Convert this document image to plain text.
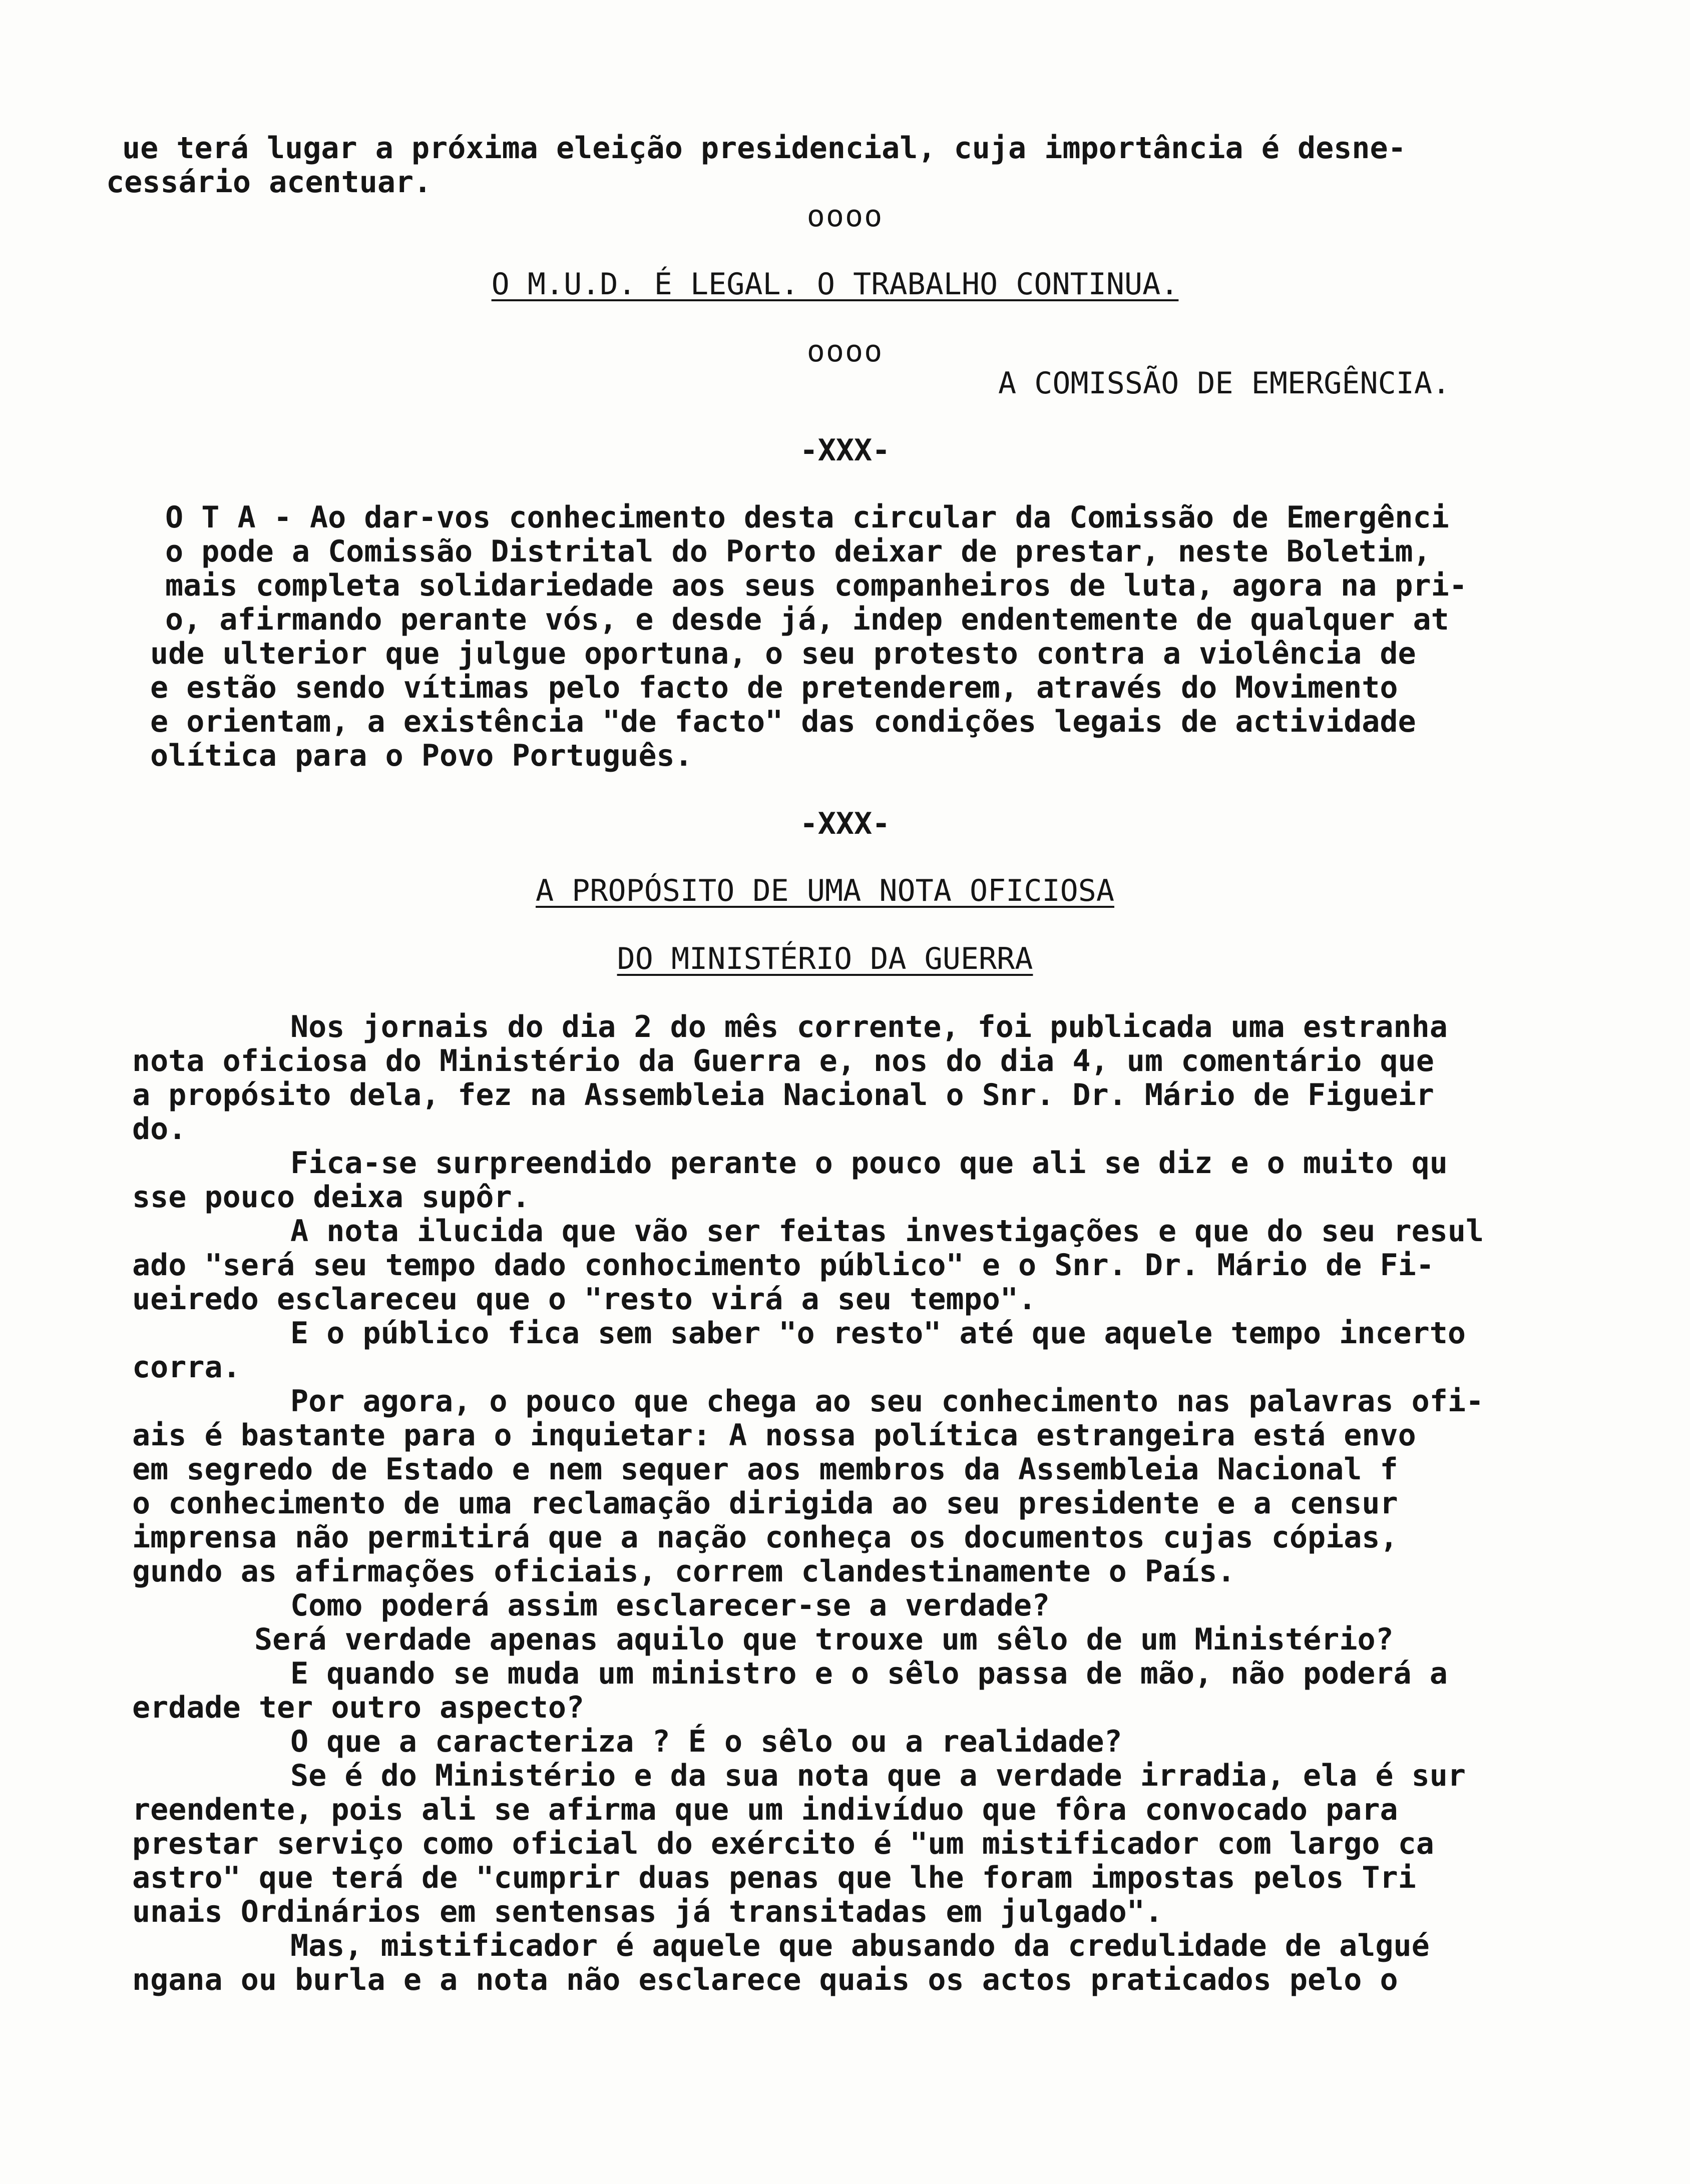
ue terá lugar a próxima eleição presidencial, cuja importância é desne-
cessário acentuar.
oooo
O M.U.D. É LEGAL. O TRABALHO CONTINUA.
oooo
A COMISSÃO DE EMERGÊNCIA.
-XXX-
O T A - Ao dar-vos conhecimento desta circular da Comissão de Emergênci
o pode a Comissão Distrital do Porto deixar de prestar, neste Boletim,
mais completa solidariedade aos seus companheiros de luta, agora na pri-
o, afirmando perante vós, e desde já, indep endentemente de qualquer at
ude ulterior que julgue oportuna, o seu protesto contra a violência de
e estão sendo vítimas pelo facto de pretenderem, através do Movimento
e orientam, a existência "de facto" das condições legais de actividade
olítica para o Povo Português.
-XXX-
A PROPÓSITO DE UMA NOTA OFICIOSA
DO MINISTÉRIO DA GUERRA
Nos jornais do dia 2 do mês corrente, foi publicada uma estranha
nota oficiosa do Ministério da Guerra e, nos do dia 4, um comentário que
a propósito dela, fez na Assembleia Nacional o Snr. Dr. Mário de Figueir
do.
Fica-se surpreendido perante o pouco que ali se diz e o muito qu
sse pouco deixa supôr.
A nota ilucida que vão ser feitas investigações e que do seu resul
ado "será seu tempo dado conhocimento público" e o Snr. Dr. Mário de Fi-
ueiredo esclareceu que o "resto virá a seu tempo".
E o público fica sem saber "o resto" até que aquele tempo incerto
corra.
Por agora, o pouco que chega ao seu conhecimento nas palavras ofi-
ais é bastante para o inquietar: A nossa política estrangeira está envo
em segredo de Estado e nem sequer aos membros da Assembleia Nacional f
o conhecimento de uma reclamação dirigida ao seu presidente e a censur
imprensa não permitirá que a nação conheça os documentos cujas cópias,
gundo as afirmações oficiais, correm clandestinamente o País.
Como poderá assim esclarecer-se a verdade?
Será verdade apenas aquilo que trouxe um sêlo de um Ministério?
E quando se muda um ministro e o sêlo passa de mão, não poderá a
erdade ter outro aspecto?
O que a caracteriza ? É o sêlo ou a realidade?
Se é do Ministério e da sua nota que a verdade irradia, ela é sur
reendente, pois ali se afirma que um indivíduo que fôra convocado para
prestar serviço como oficial do exército é "um mistificador com largo ca
astro" que terá de "cumprir duas penas que lhe foram impostas pelos Tri
unais Ordinários em sentensas já transitadas em julgado".
Mas, mistificador é aquele que abusando da credulidade de algué
ngana ou burla e a nota não esclarece quais os actos praticados pelo o
